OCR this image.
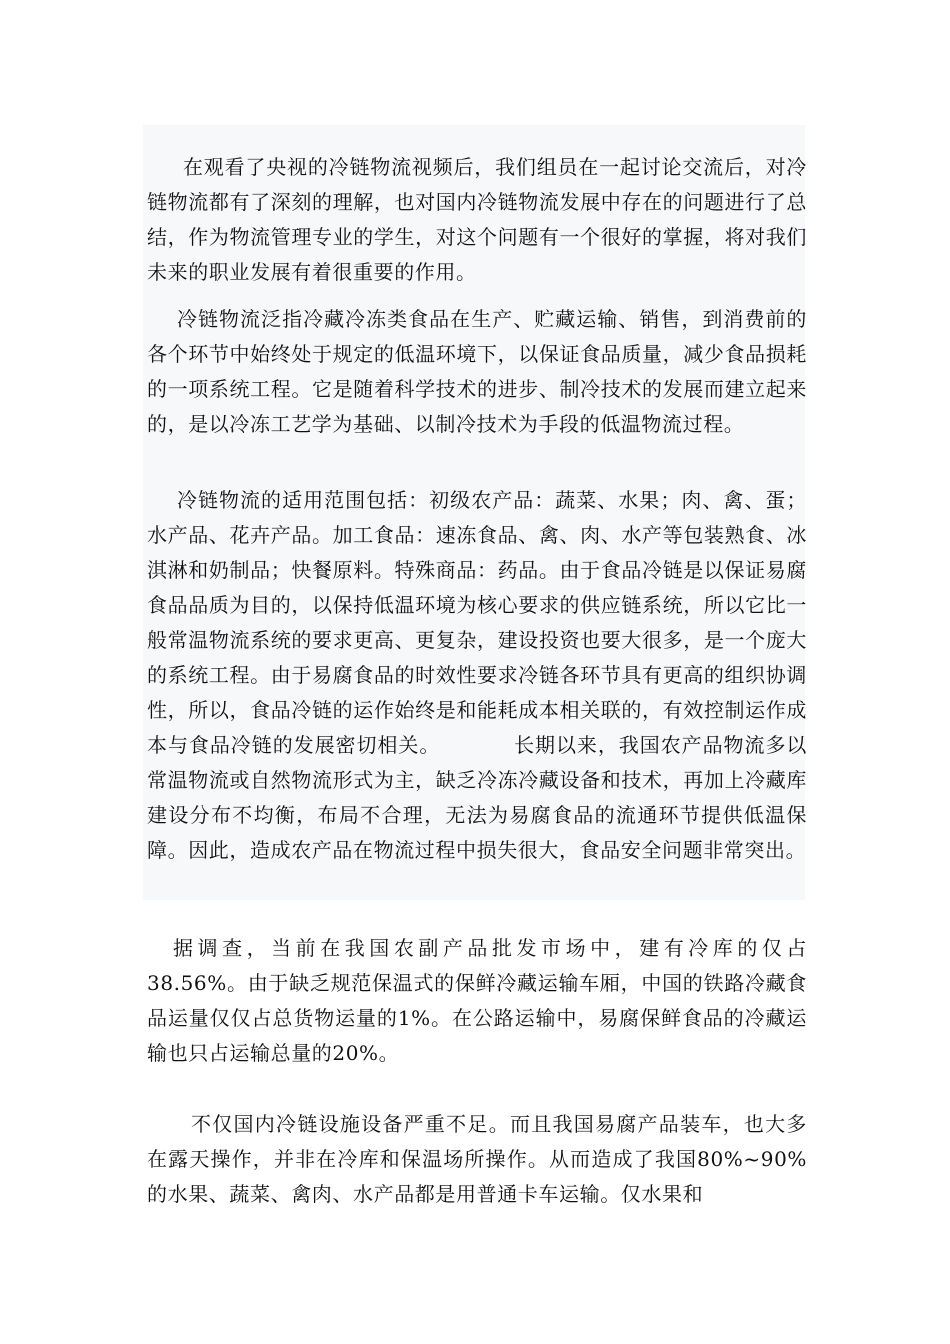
在观看了央视的冷链物流视频后，我们组员在一起讨论交流后，对冷链物流都有了深刻的理解，也对国内冷链物流发展中存在的问题进行了总结，作为物流管理专业的学生，对这个问题有一个很好的掌握，将对我们未来的职业发展有着很重要的作用。

冷链物流泛指冷藏冷冻类食品在生产、贮藏运输、销售，到消费前的各个环节中始终处于规定的低温环境下，以保证食品质量，减少食品损耗的一项系统工程。它是随着科学技术的进步、制冷技术的发展而建立起来的，是以冷冻工艺学为基础、以制冷技术为手段的低温物流过程。

冷链物流的适用范围包括：初级农产品：蔬菜、水果；肉、禽、蛋；水产品、花卉产品。加工食品：速冻食品、禽、肉、水产等包装熟食、冰淇淋和奶制品；快餐原料。特殊商品：药品。由于食品冷链是以保证易腐食品品质为目的，以保持低温环境为核心要求的供应链系统，所以它比一般常温物流系统的要求更高、更复杂，建设投资也要大很多，是一个庞大的系统工程。由于易腐食品的时效性要求冷链各环节具有更高的组织协调性，所以，食品冷链的运作始终是和能耗成本相关联的，有效控制运作成本与食品冷链的发展密切相关。　　　　长期以来，我国农产品物流多以常温物流或自然物流形式为主，缺乏冷冻冷藏设备和技术，再加上冷藏库建设分布不均衡，布局不合理，无法为易腐食品的流通环节提供低温保障。因此，造成农产品在物流过程中损失很大，食品安全问题非常突出。

据调查，当前在我国农副产品批发市场中，建有冷库的仅占38.56%。由于缺乏规范保温式的保鲜冷藏运输车厢，中国的铁路冷藏食品运量仅仅占总货物运量的1%。在公路运输中，易腐保鲜食品的冷藏运输也只占运输总量的20%。

不仅国内冷链设施设备严重不足。而且我国易腐产品装车，也大多在露天操作，并非在冷库和保温场所操作。从而造成了我国80%~90%的水果、蔬菜、禽肉、水产品都是用普通卡车运输。仅水果和
